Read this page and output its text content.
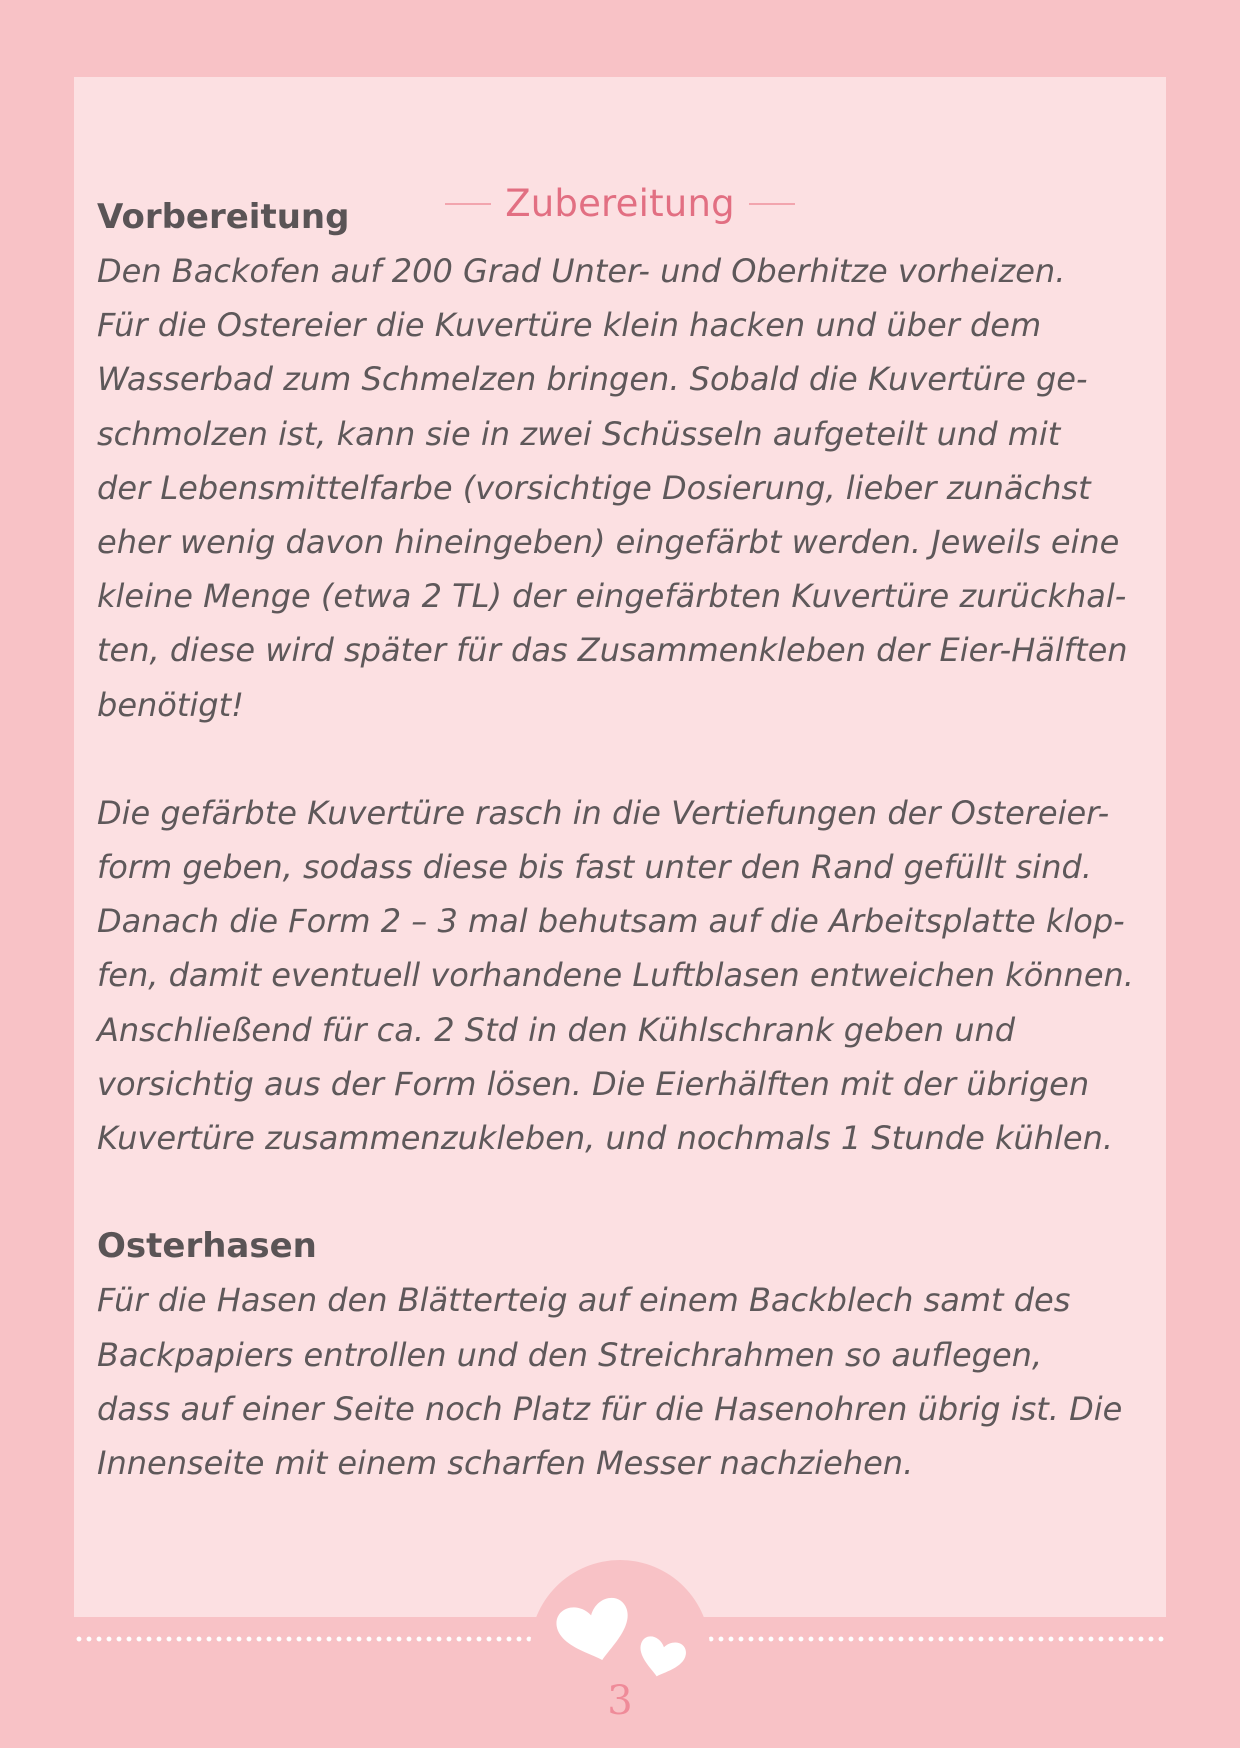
Zubereitung
Vorbereitung

Den Backofen auf 200 Grad Unter- und Oberhitze vorheizen.
Für die Ostereier die Kuvertüre klein hacken und über dem
Wasserbad zum Schmelzen bringen. Sobald die Kuvertüre ge-
schmolzen ist, kann sie in zwei Schüsseln aufgeteilt und mit
der Lebensmittelfarbe (vorsichtige Dosierung, lieber zunächst
eher wenig davon hineingeben) eingefärbt werden. Jeweils eine
kleine Menge (etwa 2 TL) der eingefärbten Kuvertüre zurückhal-
ten, diese wird später für das Zusammenkleben der Eier-Hälften
benötigt!

Die gefärbte Kuvertüre rasch in die Vertiefungen der Ostereier-
form geben, sodass diese bis fast unter den Rand gefüllt sind.
Danach die Form 2 – 3 mal behutsam auf die Arbeitsplatte klop-
fen, damit eventuell vorhandene Luftblasen entweichen können.
Anschließend für ca. 2 Std in den Kühlschrank geben und
vorsichtig aus der Form lösen. Die Eierhälften mit der übrigen
Kuvertüre zusammenzukleben, und nochmals 1 Stunde kühlen.

Osterhasen

Für die Hasen den Blätterteig auf einem Backblech samt des
Backpapiers entrollen und den Streichrahmen so auflegen,
dass auf einer Seite noch Platz für die Hasenohren übrig ist. Die
Innenseite mit einem scharfen Messer nachziehen.

3
